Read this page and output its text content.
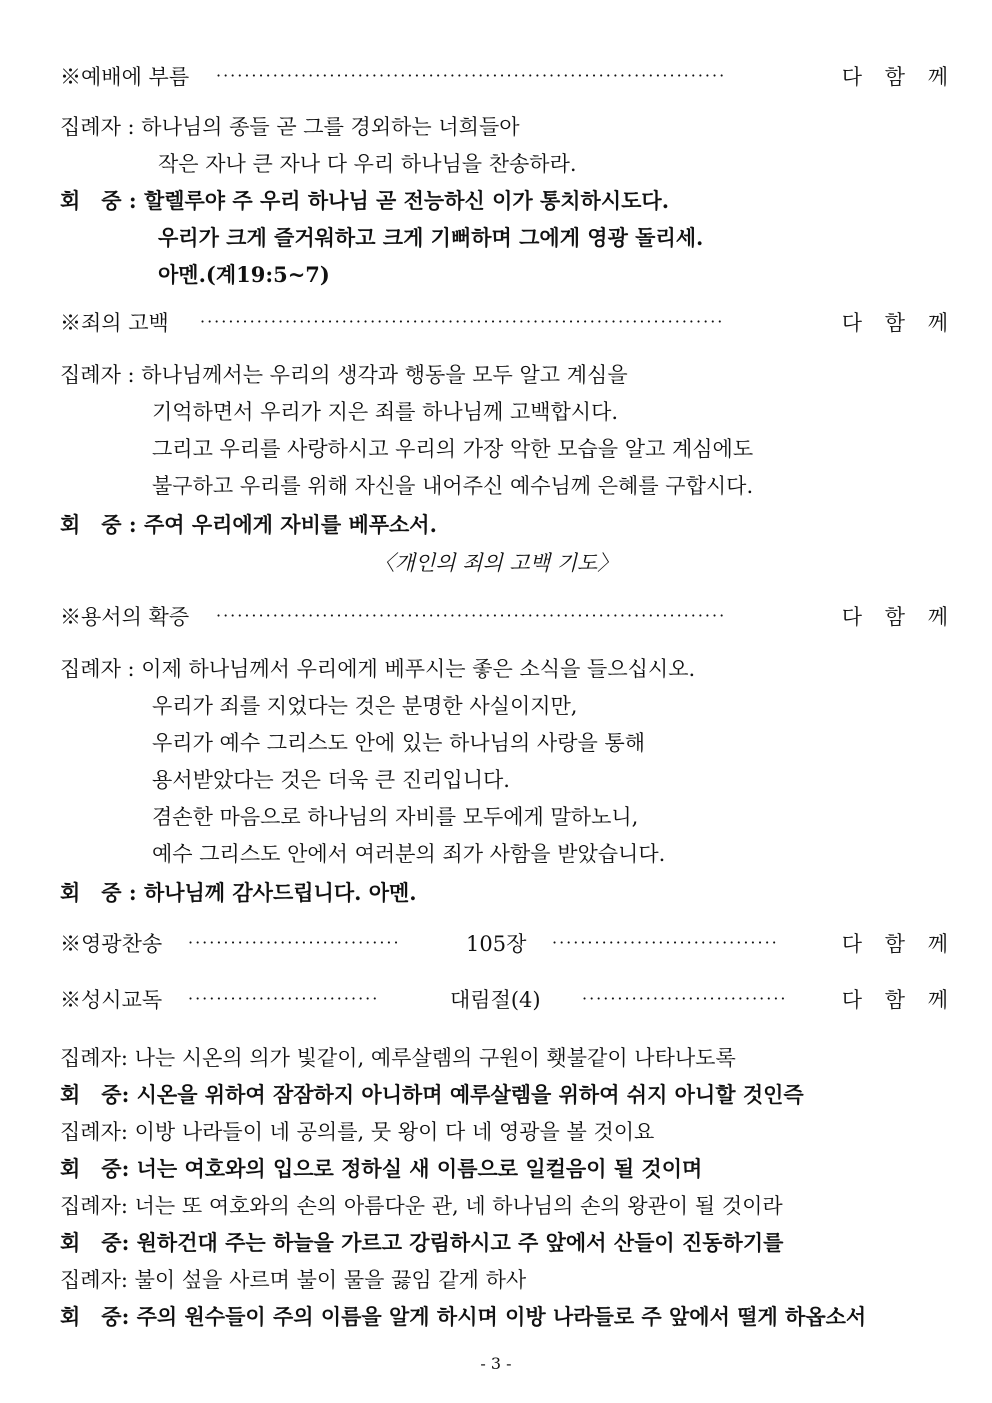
※예배에 부름 ········································································	다 함 께
집례자 : 하나님의 종들 곧 그를 경외하는 너희들아
작은 자나 큰 자나 다 우리 하나님을 찬송하라.
회　중 : 할렐루야 주 우리 하나님 곧 전능하신 이가 통치하시도다.
우리가 크게 즐거워하고 크게 기뻐하며 그에게 영광 돌리세.
아멘.(계19:5~7)
※죄의 고백 ··········································································	다 함 께
집례자 : 하나님께서는 우리의 생각과 행동을 모두 알고 계심을
기억하면서 우리가 지은 죄를 하나님께 고백합시다.
그리고 우리를 사랑하시고 우리의 가장 악한 모습을 알고 계심에도
불구하고 우리를 위해 자신을 내어주신 예수님께 은혜를 구합시다.
회　중 : 주여 우리에게 자비를 베푸소서.
〈개인의 죄의 고백 기도〉
※용서의 확증 ········································································	다 함 께
집례자 : 이제 하나님께서 우리에게 베푸시는 좋은 소식을 들으십시오.
우리가 죄를 지었다는 것은 분명한 사실이지만,
우리가 예수 그리스도 안에 있는 하나님의 사랑을 통해
용서받았다는 것은 더욱 큰 진리입니다.
겸손한 마음으로 하나님의 자비를 모두에게 말하노니,
예수 그리스도 안에서 여러분의 죄가 사함을 받았습니다.
회　중 : 하나님께 감사드립니다. 아멘.
※영광찬송 ······························	105장 ································	다 함 께
※성시교독 ···························	대림절(4)	·····························	다 함 께
집례자: 나는 시온의 의가 빛같이, 예루살렘의 구원이 횃불같이 나타나도록
회　중: 시온을 위하여 잠잠하지 아니하며 예루살렘을 위하여 쉬지 아니할 것인즉
집례자: 이방 나라들이 네 공의를, 뭇 왕이 다 네 영광을 볼 것이요
회　중: 너는 여호와의 입으로 정하실 새 이름으로 일컬음이 될 것이며
집례자: 너는 또 여호와의 손의 아름다운 관, 네 하나님의 손의 왕관이 될 것이라
회　중: 원하건대 주는 하늘을 가르고 강림하시고 주 앞에서 산들이 진동하기를
집례자: 불이 섶을 사르며 불이 물을 끓임 같게 하사
회　중: 주의 원수들이 주의 이름을 알게 하시며 이방 나라들로 주 앞에서 떨게 하옵소서
- 3 -
